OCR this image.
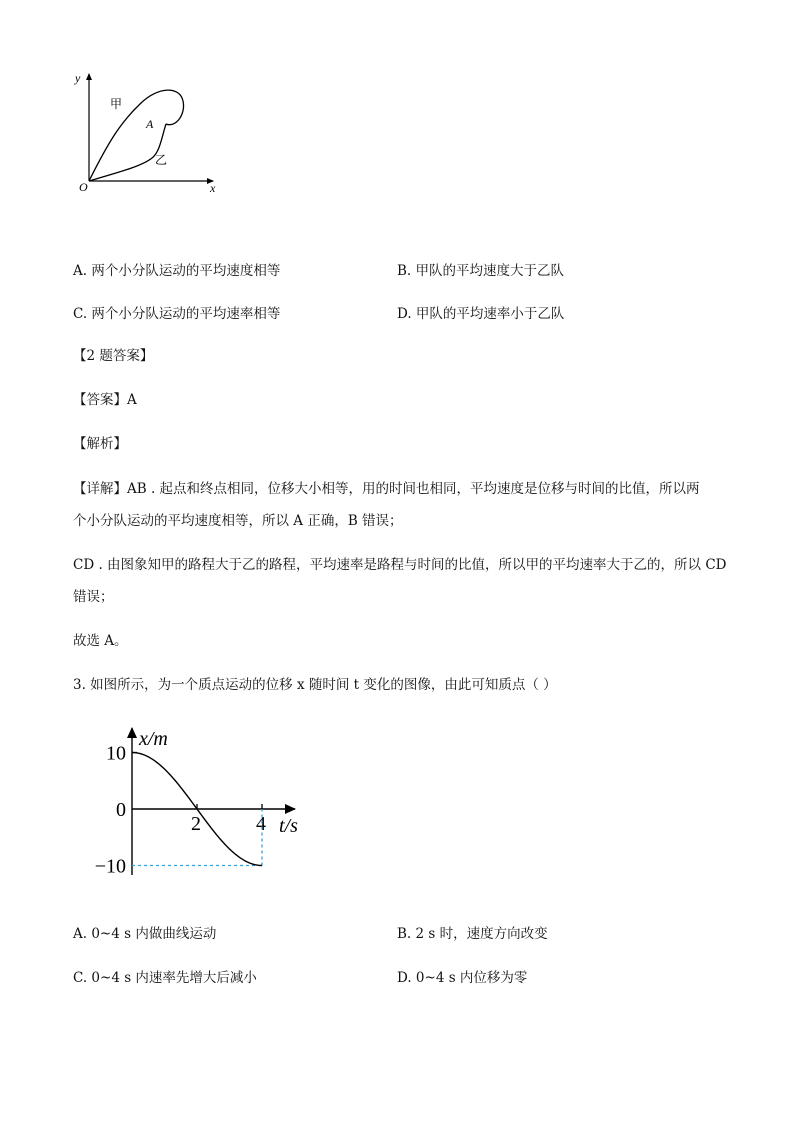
y
x
O
甲
乙
A
A. 两个小分队运动的平均速度相等	B. 甲队的平均速度大于乙队
C. 两个小分队运动的平均速率相等	D. 甲队的平均速率小于乙队
【2 题答案】
【答案】A
【解析】
【详解】AB . 起点和终点相同，位移大小相等，用的时间也相同，平均速度是位移与时间的比值，所以两
个小分队运动的平均速度相等，所以 A 正确，B 错误；
CD . 由图象知甲的路程大于乙的路程，平均速率是路程与时间的比值，所以甲的平均速率大于乙的，所以 CD
错误；
故选 A。
3. 如图所示，为一个质点运动的位移 x 随时间 t 变化的图像，由此可知质点（ ）
2	4
10
0
−10
x/m
t/s
A. 0~4 s 内做曲线运动	B. 2 s 时，速度方向改变
C. 0~4 s 内速率先增大后减小	D. 0~4 s 内位移为零
